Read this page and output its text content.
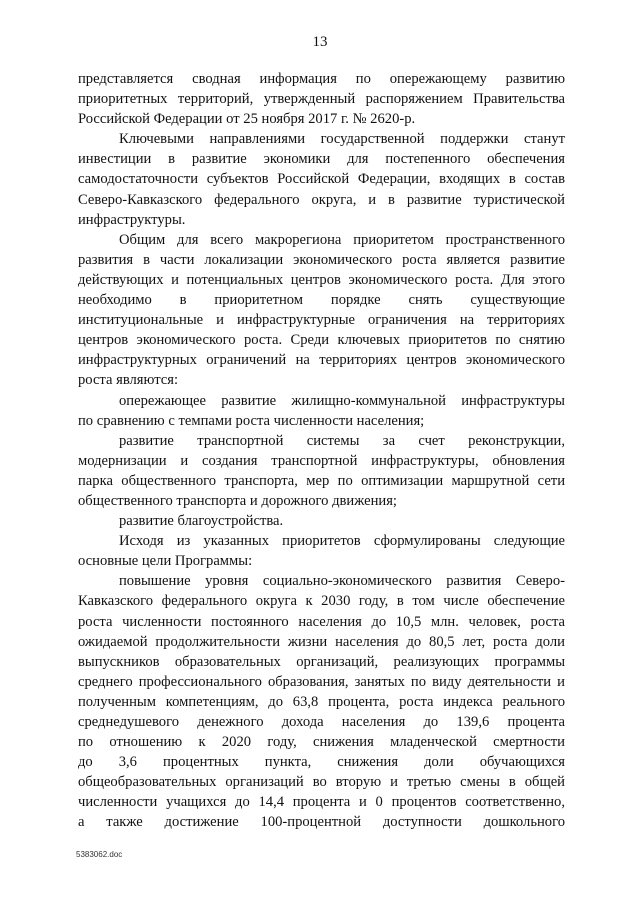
13
представляется сводная информация по опережающему развитию
приоритетных территорий, утвержденный распоряжением Правительства
Российской Федерации от 25 ноября 2017 г. № 2620-р.
Ключевыми направлениями государственной поддержки станут
инвестиции в развитие экономики для постепенного обеспечения
самодостаточности субъектов Российской Федерации, входящих в состав
Северо-Кавказского федерального округа, и в развитие туристической
инфраструктуры.
Общим для всего макрорегиона приоритетом пространственного
развития в части локализации экономического роста является развитие
действующих и потенциальных центров экономического роста. Для этого
необходимо в приоритетном порядке снять существующие
институциональные и инфраструктурные ограничения на территориях
центров экономического роста. Среди ключевых приоритетов по снятию
инфраструктурных ограничений на территориях центров экономического
роста являются:
опережающее развитие жилищно-коммунальной инфраструктуры
по сравнению с темпами роста численности населения;
развитие транспортной системы за счет реконструкции,
модернизации и создания транспортной инфраструктуры, обновления
парка общественного транспорта, мер по оптимизации маршрутной сети
общественного транспорта и дорожного движения;
развитие благоустройства.
Исходя из указанных приоритетов сформулированы следующие
основные цели Программы:
повышение уровня социально-экономического развития Северо-
Кавказского федерального округа к 2030 году, в том числе обеспечение
роста численности постоянного населения до 10,5 млн. человек, роста
ожидаемой продолжительности жизни населения до 80,5 лет, роста доли
выпускников образовательных организаций, реализующих программы
среднего профессионального образования, занятых по виду деятельности и
полученным компетенциям, до 63,8 процента, роста индекса реального
среднедушевого денежного дохода населения до 139,6 процента
по отношению к 2020 году, снижения младенческой смертности
до 3,6 процентных пункта, снижения доли обучающихся
общеобразовательных организаций во вторую и третью смены в общей
численности учащихся до 14,4 процента и 0 процентов соответственно,
а также достижение 100-процентной доступности дошкольного
5383062.doc
